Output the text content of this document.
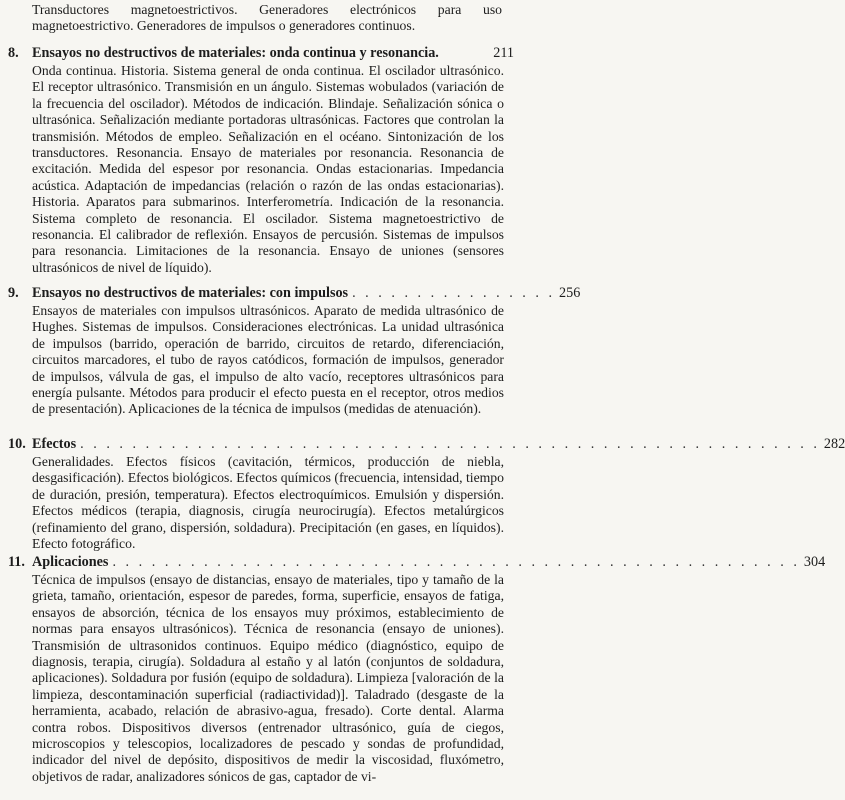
Transductores magnetoestrictivos. Generadores electrónicos para uso magnetoestrictivo. Generadores de impulsos o generadores continuos.

8. Ensayos no destructivos de materiales: onda continua y resonancia.	211

Onda continua. Historia. Sistema general de onda continua. El oscilador ultrasónico. El receptor ultrasónico. Transmisión en un ángulo. Sistemas wobulados (variación de la frecuencia del oscilador). Métodos de indicación. Blindaje. Señalización sónica o ultrasónica. Señalización mediante portadoras ultrasónicas. Factores que controlan la transmisión. Métodos de empleo. Señalización en el océano. Sintonización de los transductores. Resonancia. Ensayo de materiales por resonancia. Resonancia de excitación. Medida del espesor por resonancia. Ondas estacionarias. Impedancia acústica. Adaptación de impedancias (relación o razón de las ondas estacionarias). Historia. Aparatos para submarinos. Interferometría. Indicación de la resonancia. Sistema completo de resonancia. El oscilador. Sistema magnetoestrictivo de resonancia. El calibrador de reflexión. Ensayos de percusión. Sistemas de impulsos para resonancia. Limitaciones de la resonancia. Ensayo de uniones (sensores ultrasónicos de nivel de líquido).

9. Ensayos no destructivos de materiales: con impulsos . . . . . . . . . . . . . . . . 256

Ensayos de materiales con impulsos ultrasónicos. Aparato de medida ultrasónico de Hughes. Sistemas de impulsos. Consideraciones electrónicas. La unidad ultrasónica de impulsos (barrido, operación de barrido, circuitos de retardo, diferenciación, circuitos marcadores, el tubo de rayos catódicos, formación de impulsos, generador de impulsos, válvula de gas, el impulso de alto vacío, receptores ultrasónicos para energía pulsante. Métodos para producir el efecto puesta en el receptor, otros medios de presentación). Aplicaciones de la técnica de impulsos (medidas de atenuación).

10. Efectos . . . . . . . . . . . . . . . . . . . . . . . . . . . . . . . . . . . . . . . . . . . . . . . . . . . . . . . . . 282

Generalidades. Efectos físicos (cavitación, térmicos, producción de niebla, desgasificación). Efectos biológicos. Efectos químicos (frecuencia, intensidad, tiempo de duración, presión, temperatura). Efectos electroquímicos. Emulsión y dispersión. Efectos médicos (terapia, diagnosis, cirugía neurocirugía). Efectos metalúrgicos (refinamiento del grano, dispersión, soldadura). Precipitación (en gases, en líquidos). Efecto fotográfico.

11. Aplicaciones . . . . . . . . . . . . . . . . . . . . . . . . . . . . . . . . . . . . . . . . . . . . . . . . . . . . . 304

Técnica de impulsos (ensayo de distancias, ensayo de materiales, tipo y tamaño de la grieta, tamaño, orientación, espesor de paredes, forma, superficie, ensayos de fatiga, ensayos de absorción, técnica de los ensayos muy próximos, establecimiento de normas para ensayos ultrasónicos). Técnica de resonancia (ensayo de uniones). Transmisión de ultrasonidos continuos. Equipo médico (diagnóstico, equipo de diagnosis, terapia, cirugía). Soldadura al estaño y al latón (conjuntos de soldadura, aplicaciones). Soldadura por fusión (equipo de soldadura). Limpieza [valoración de la limpieza, descontaminación superficial (radiactividad)]. Taladrado (desgaste de la herramienta, acabado, relación de abrasivo-agua, fresado). Corte dental. Alarma contra robos. Dispositivos diversos (entrenador ultrasónico, guía de ciegos, microscopios y telescopios, localizadores de pescado y sondas de profundidad, indicador del nivel de depósito, dispositivos de medir la viscosidad, fluxómetro, objetivos de radar, analizadores sónicos de gas, captador de vi-
